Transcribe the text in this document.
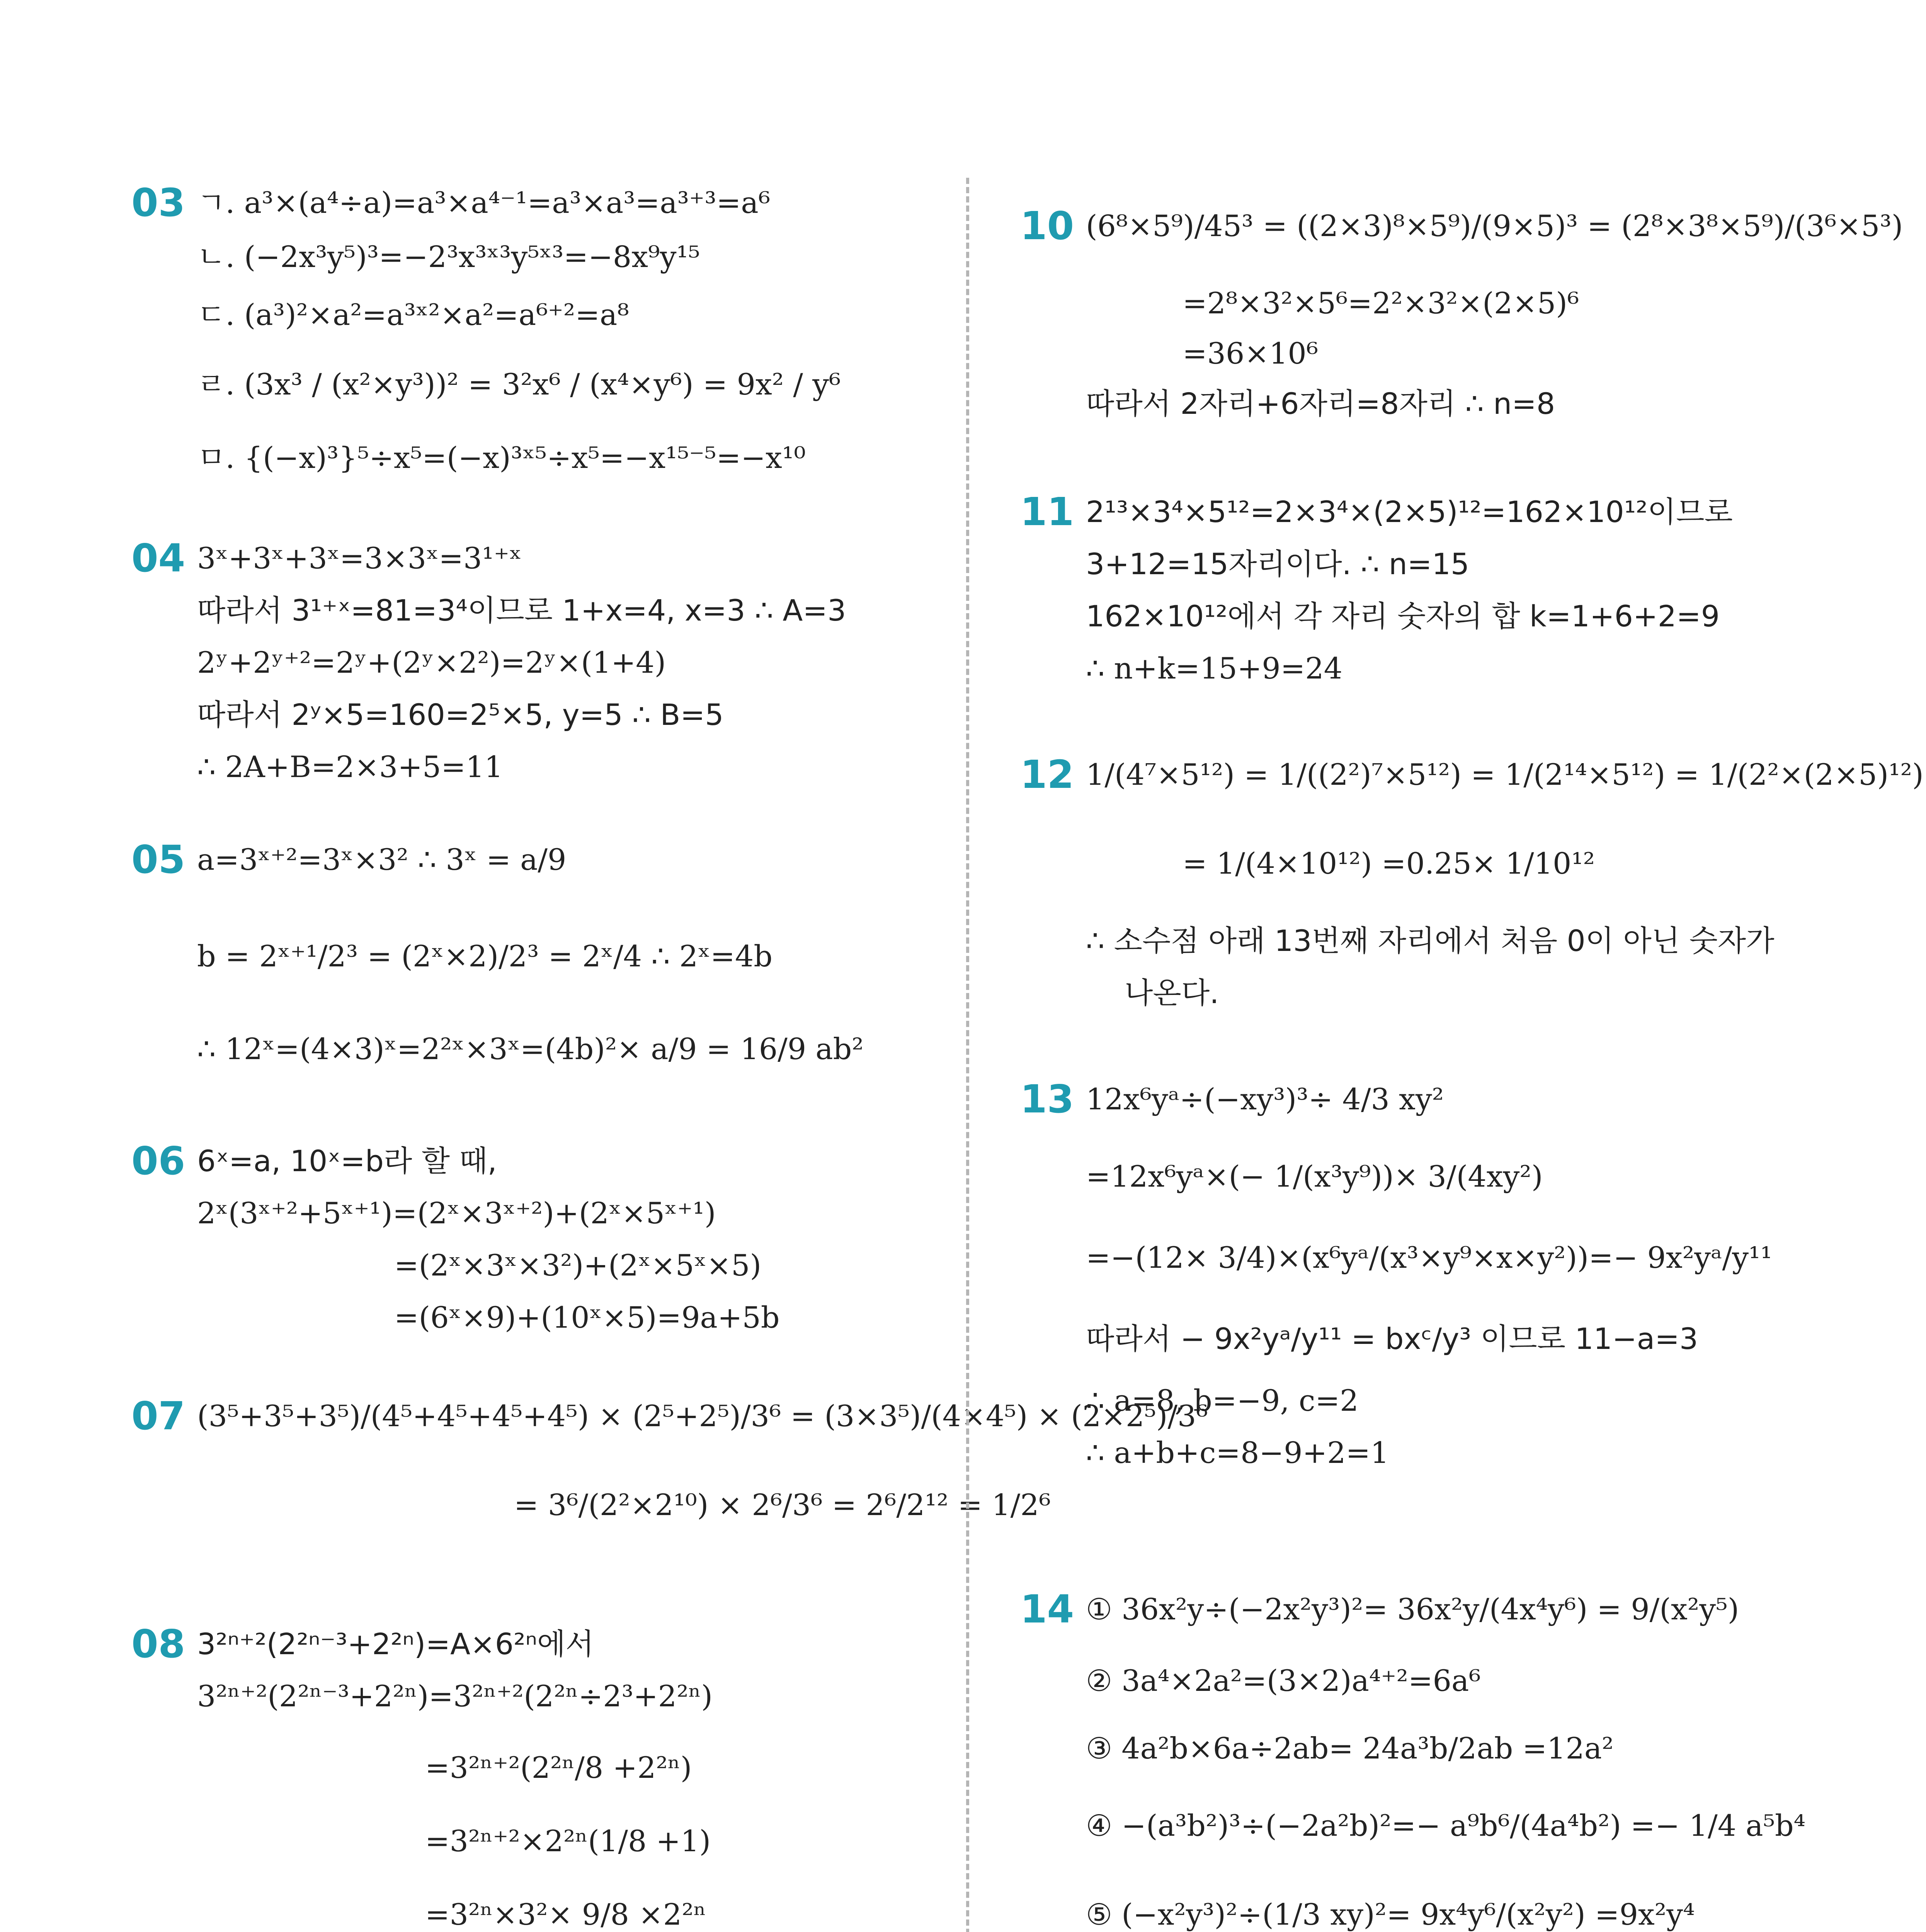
03 ㄱ. a³×(a⁴÷a)=a³×a⁴⁻¹=a³×a³=a³⁺³=a⁶
ㄴ. (−2x³y⁵)³=−2³x³ˣ³y⁵ˣ³=−8x⁹y¹⁵
ㄷ. (a³)²×a²=a³ˣ²×a²=a⁶⁺²=a⁸
ㄹ. (3x³ / (x²×y³))² = 3²x⁶ / (x⁴×y⁶) = 9x² / y⁶
ㅁ. {(−x)³}⁵÷x⁵=(−x)³ˣ⁵÷x⁵=−x¹⁵⁻⁵=−x¹⁰
04 3ˣ+3ˣ+3ˣ=3×3ˣ=3¹⁺ˣ
따라서 3¹⁺ˣ=81=3⁴이므로 1+x=4, x=3 ∴ A=3
2ʸ+2ʸ⁺²=2ʸ+(2ʸ×2²)=2ʸ×(1+4)
따라서 2ʸ×5=160=2⁵×5, y=5 ∴ B=5
∴ 2A+B=2×3+5=11
05 a=3ˣ⁺²=3ˣ×3² ∴ 3ˣ = a/9
b = 2ˣ⁺¹/2³ = (2ˣ×2)/2³ = 2ˣ/4 ∴ 2ˣ=4b
∴ 12ˣ=(4×3)ˣ=2²ˣ×3ˣ=(4b)²× a/9 = 16/9 ab²
06 6ˣ=a, 10ˣ=b라 할 때,
2ˣ(3ˣ⁺²+5ˣ⁺¹)=(2ˣ×3ˣ⁺²)+(2ˣ×5ˣ⁺¹)
=(2ˣ×3ˣ×3²)+(2ˣ×5ˣ×5)
=(6ˣ×9)+(10ˣ×5)=9a+5b
07 (3⁵+3⁵+3⁵)/(4⁵+4⁵+4⁵+4⁵) × (2⁵+2⁵)/3⁶ = (3×3⁵)/(4×4⁵) × (2×2⁵)/3⁶
= 3⁶/(2²×2¹⁰) × 2⁶/3⁶ = 2⁶/2¹² = 1/2⁶
08 3²ⁿ⁺²(2²ⁿ⁻³+2²ⁿ)=A×6²ⁿ에서
3²ⁿ⁺²(2²ⁿ⁻³+2²ⁿ)=3²ⁿ⁺²(2²ⁿ÷2³+2²ⁿ)
=3²ⁿ⁺²(2²ⁿ/8 +2²ⁿ)
=3²ⁿ⁺²×2²ⁿ(1/8 +1)
=3²ⁿ×3²× 9/8 ×2²ⁿ
10 (6⁸×5⁹)/45³ = ((2×3)⁸×5⁹)/(9×5)³ = (2⁸×3⁸×5⁹)/(3⁶×5³)
=2⁸×3²×5⁶=2²×3²×(2×5)⁶
=36×10⁶
따라서 2자리+6자리=8자리 ∴ n=8
11 2¹³×3⁴×5¹²=2×3⁴×(2×5)¹²=162×10¹²이므로
3+12=15자리이다. ∴ n=15
162×10¹²에서 각 자리 숫자의 합 k=1+6+2=9
∴ n+k=15+9=24
12 1/(4⁷×5¹²) = 1/((2²)⁷×5¹²) = 1/(2¹⁴×5¹²) = 1/(2²×(2×5)¹²)
= 1/(4×10¹²) =0.25× 1/10¹²
∴ 소수점 아래 13번째 자리에서 처음 0이 아닌 숫자가
나온다.
13 12x⁶yᵃ÷(−xy³)³÷ 4/3 xy²
=12x⁶yᵃ×(− 1/(x³y⁹))× 3/(4xy²)
=−(12× 3/4)×(x⁶yᵃ/(x³×y⁹×x×y²))=− 9x²yᵃ/y¹¹
따라서 − 9x²yᵃ/y¹¹ = bxᶜ/y³ 이므로 11−a=3
∴ a=8, b=−9, c=2
∴ a+b+c=8−9+2=1
14 ① 36x²y÷(−2x²y³)²= 36x²y/(4x⁴y⁶) = 9/(x²y⁵)
② 3a⁴×2a²=(3×2)a⁴⁺²=6a⁶
③ 4a²b×6a÷2ab= 24a³b/2ab =12a²
④ −(a³b²)³÷(−2a²b)²=− a⁹b⁶/(4a⁴b²) =− 1/4 a⁵b⁴
⑤ (−x²y³)²÷(1/3 xy)²= 9x⁴y⁶/(x²y²) =9x²y⁴
